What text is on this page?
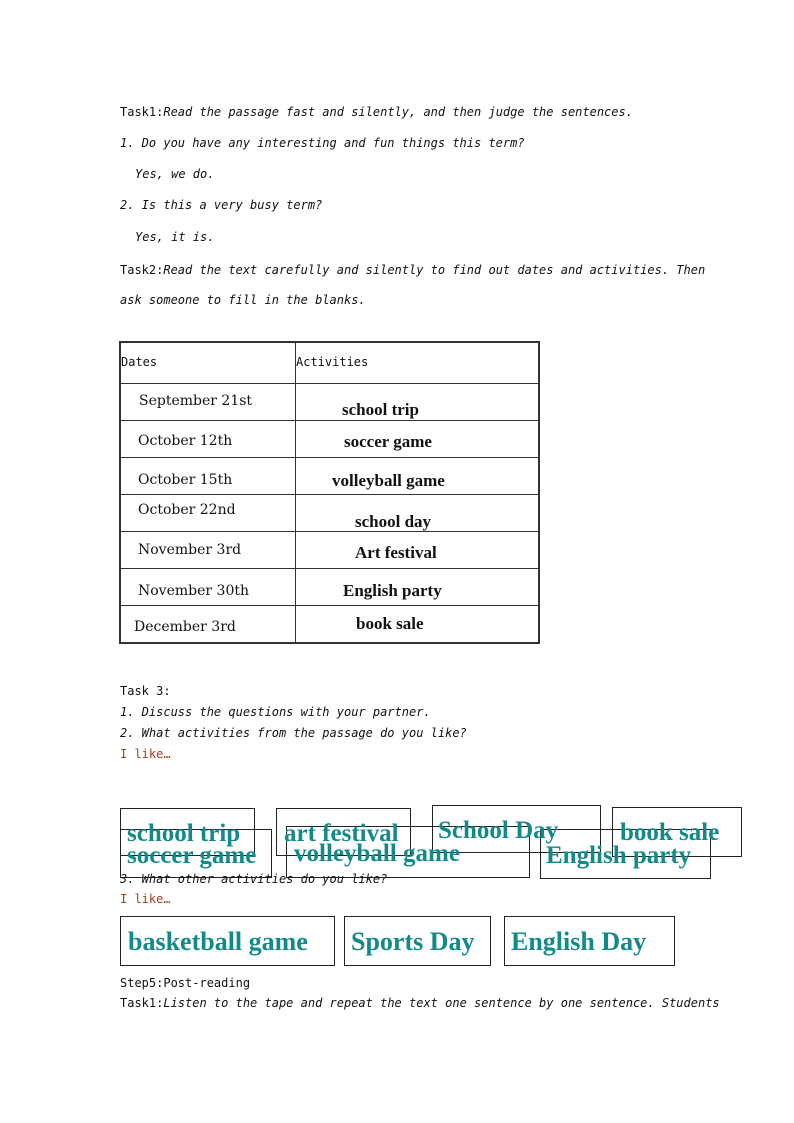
Task1:Read the passage fast and silently, and then judge the sentences.
1. Do you have any interesting and fun things this term?
Yes, we do.
2. Is this a very busy term?
Yes, it is.
Task2:Read the text carefully and silently to find out dates and activities. Then
ask someone to fill in the blanks.
Dates	Activities

September 21st	school trip

October 12th	soccer game

October 15th	volleyball game

October 22nd	school day

November 3rd	Art festival

November 30th	English party

December 3rd	book sale
Task 3:
1. Discuss the questions with your partner.
2. What activities from the passage do you like?
I like…
school trip art festival School Day book sale
soccer game volleyball game	English party
3. What other activities do you like?
I like…
basketball game Sports Day English Day
Step5:Post-reading
Task1:Listen to the tape and repeat the text one sentence by one sentence. Students
